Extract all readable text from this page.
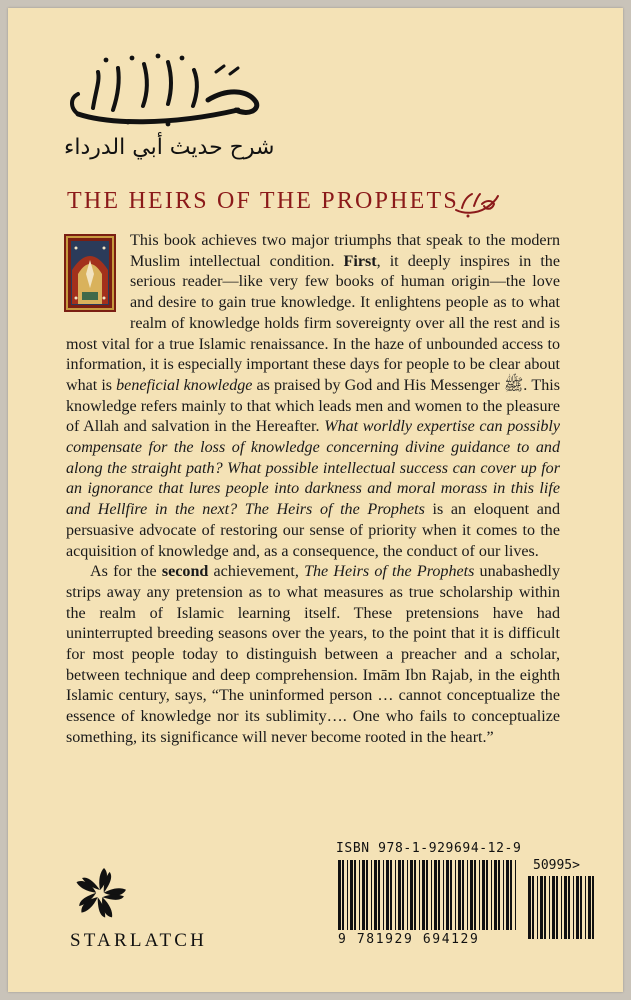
شرح حديث أبي الدرداء
THE HEIRS OF THE PROPHETS

This book achieves two major triumphs that speak to the modern Muslim intellectual condition. First, it deeply inspires in the serious reader—like very few books of human origin—the love and desire to gain true knowledge. It enlightens people as to what realm of knowledge holds firm sovereignty over all the rest and is most vital for a true Islamic renaissance. In the haze of unbounded access to information, it is especially important these days for people to be clear about what is beneficial knowledge as praised by God and His Messenger ﷺ. This knowledge refers mainly to that which leads men and women to the pleasure of Allah and salvation in the Hereafter. What worldly expertise can possibly compensate for the loss of knowledge concerning divine guidance to and along the straight path? What possible intellectual success can cover up for an ignorance that lures people into darkness and moral morass in this life and Hellfire in the next? The Heirs of the Prophets is an eloquent and persuasive advocate of restoring our sense of priority when it comes to the acquisition of knowledge and, as a consequence, the conduct of our lives.

As for the second achievement, The Heirs of the Prophets unabashedly strips away any pretension as to what measures as true scholarship within the realm of Islamic learning itself. These pretensions have had uninterrupted breeding seasons over the years, to the point that it is difficult for most people today to distinguish between a preacher and a scholar, between technique and deep comprehension. Imām Ibn Rajab, in the eighth Islamic century, says, “The uninformed person … cannot conceptualize the essence of knowledge nor its sublimity…. One who fails to conceptualize something, its significance will never become rooted in the heart.”

STARLATCH
ISBN 978-1-929694-12-9
50995>
9 781929 694129
